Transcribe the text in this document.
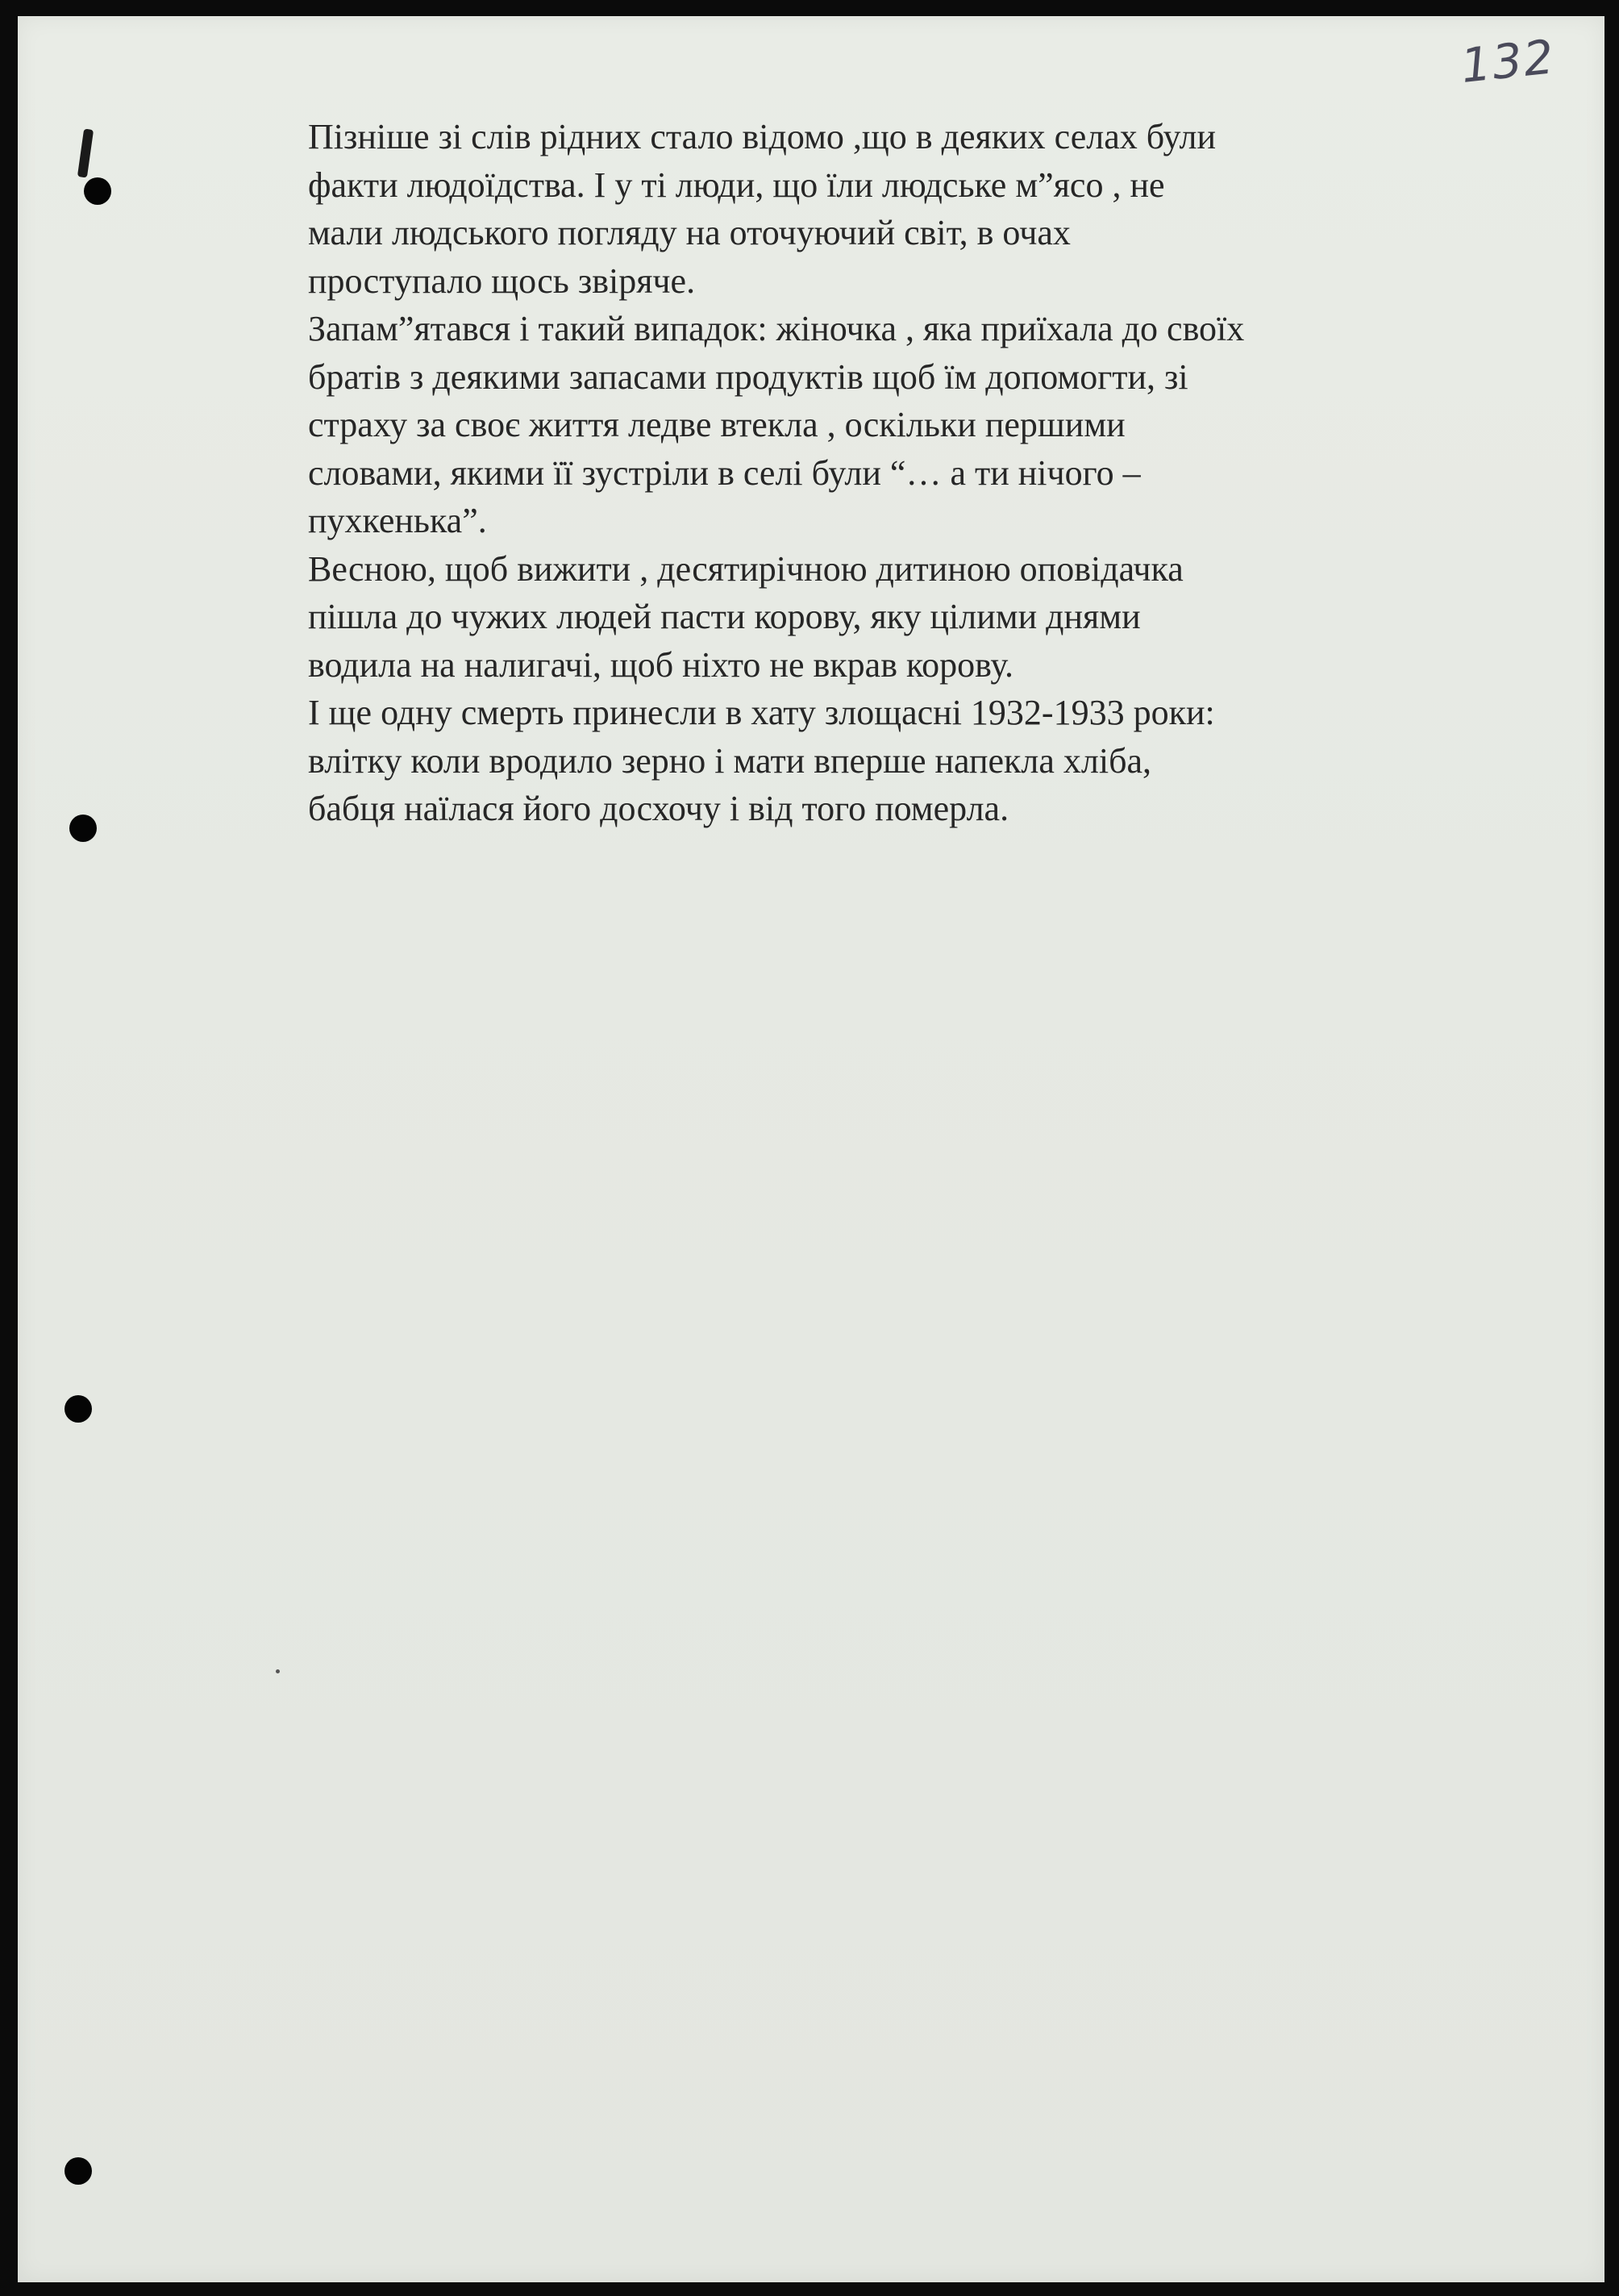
132
Пізніше зі слів рідних стало відомо ,що в деяких селах були
факти людоїдства. І у ті люди, що їли людське м”ясо , не
мали людського погляду на оточуючий світ, в очах
проступало щось звіряче.
Запам”ятався і такий випадок: жіночка , яка приїхала до своїх
братів з деякими запасами продуктів щоб їм допомогти, зі
страху за своє життя ледве втекла , оскільки першими
словами, якими її зустріли в селі були “… а ти нічого –
пухкенька”.
Весною, щоб вижити , десятирічною дитиною оповідачка
пішла до чужих людей пасти корову, яку цілими днями
водила на налигачі, щоб ніхто не вкрав корову.
І ще одну смерть принесли в хату злощасні 1932-1933 роки:
влітку коли вродило зерно і мати вперше напекла хліба,
бабця наїлася його досхочу і від того померла.
